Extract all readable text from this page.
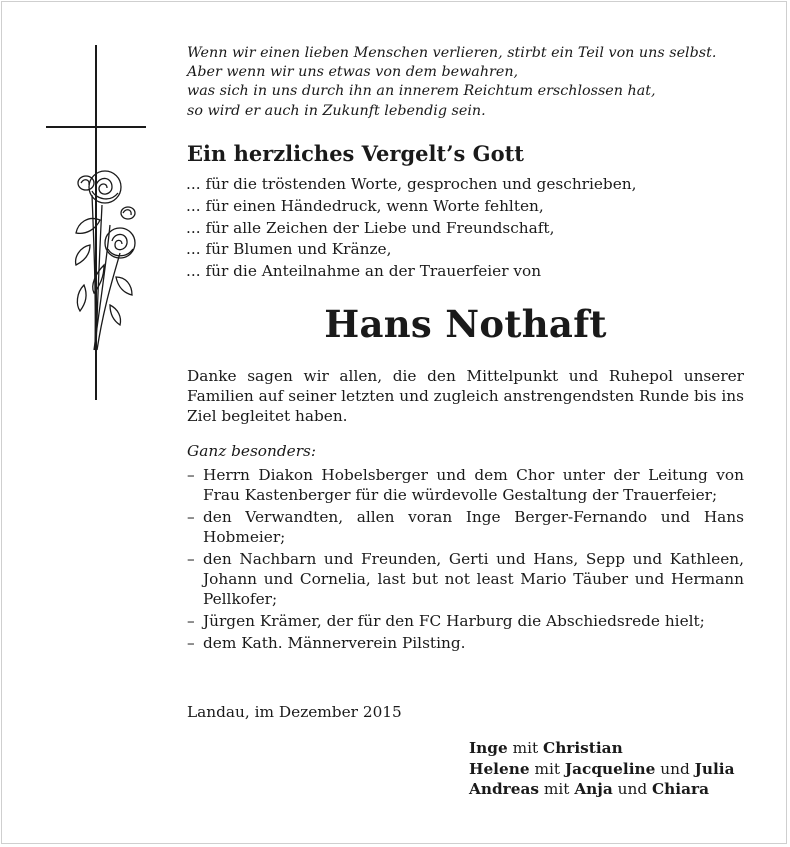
Wenn wir einen lieben Menschen verlieren, stirbt ein Teil von uns selbst.
Aber wenn wir uns etwas von dem bewahren,
was sich in uns durch ihn an innerem Reichtum erschlossen hat,
so wird er auch in Zukunft lebendig sein.
Ein herzliches Vergelt’s Gott
... für die tröstenden Worte, gesprochen und geschrieben,
... für einen Händedruck, wenn Worte fehlten,
... für alle Zeichen der Liebe und Freundschaft,
... für Blumen und Kränze,
... für die Anteilnahme an der Trauerfeier von
Hans Nothaft
Danke sagen wir allen, die den Mittelpunkt und Ruhepol unserer Familien auf seiner letzten und zugleich anstrengendsten Runde bis ins Ziel begleitet haben.
Ganz besonders:
– Herrn Diakon Hobelsberger und dem Chor unter der Leitung von Frau Kastenberger für die würdevolle Gestaltung der Trauerfeier;
– den Verwandten, allen voran Inge Berger-Fernando und Hans Hobmeier;
– den Nachbarn und Freunden, Gerti und Hans, Sepp und Kathleen, Johann und Cornelia, last but not least Mario Täuber und Hermann Pellkofer;
– Jürgen Krämer, der für den FC Harburg die Abschiedsrede hielt;
– dem Kath. Männerverein Pilsting.
Landau, im Dezember 2015
Inge mit Christian
Helene mit Jacqueline und Julia
Andreas mit Anja und Chiara
